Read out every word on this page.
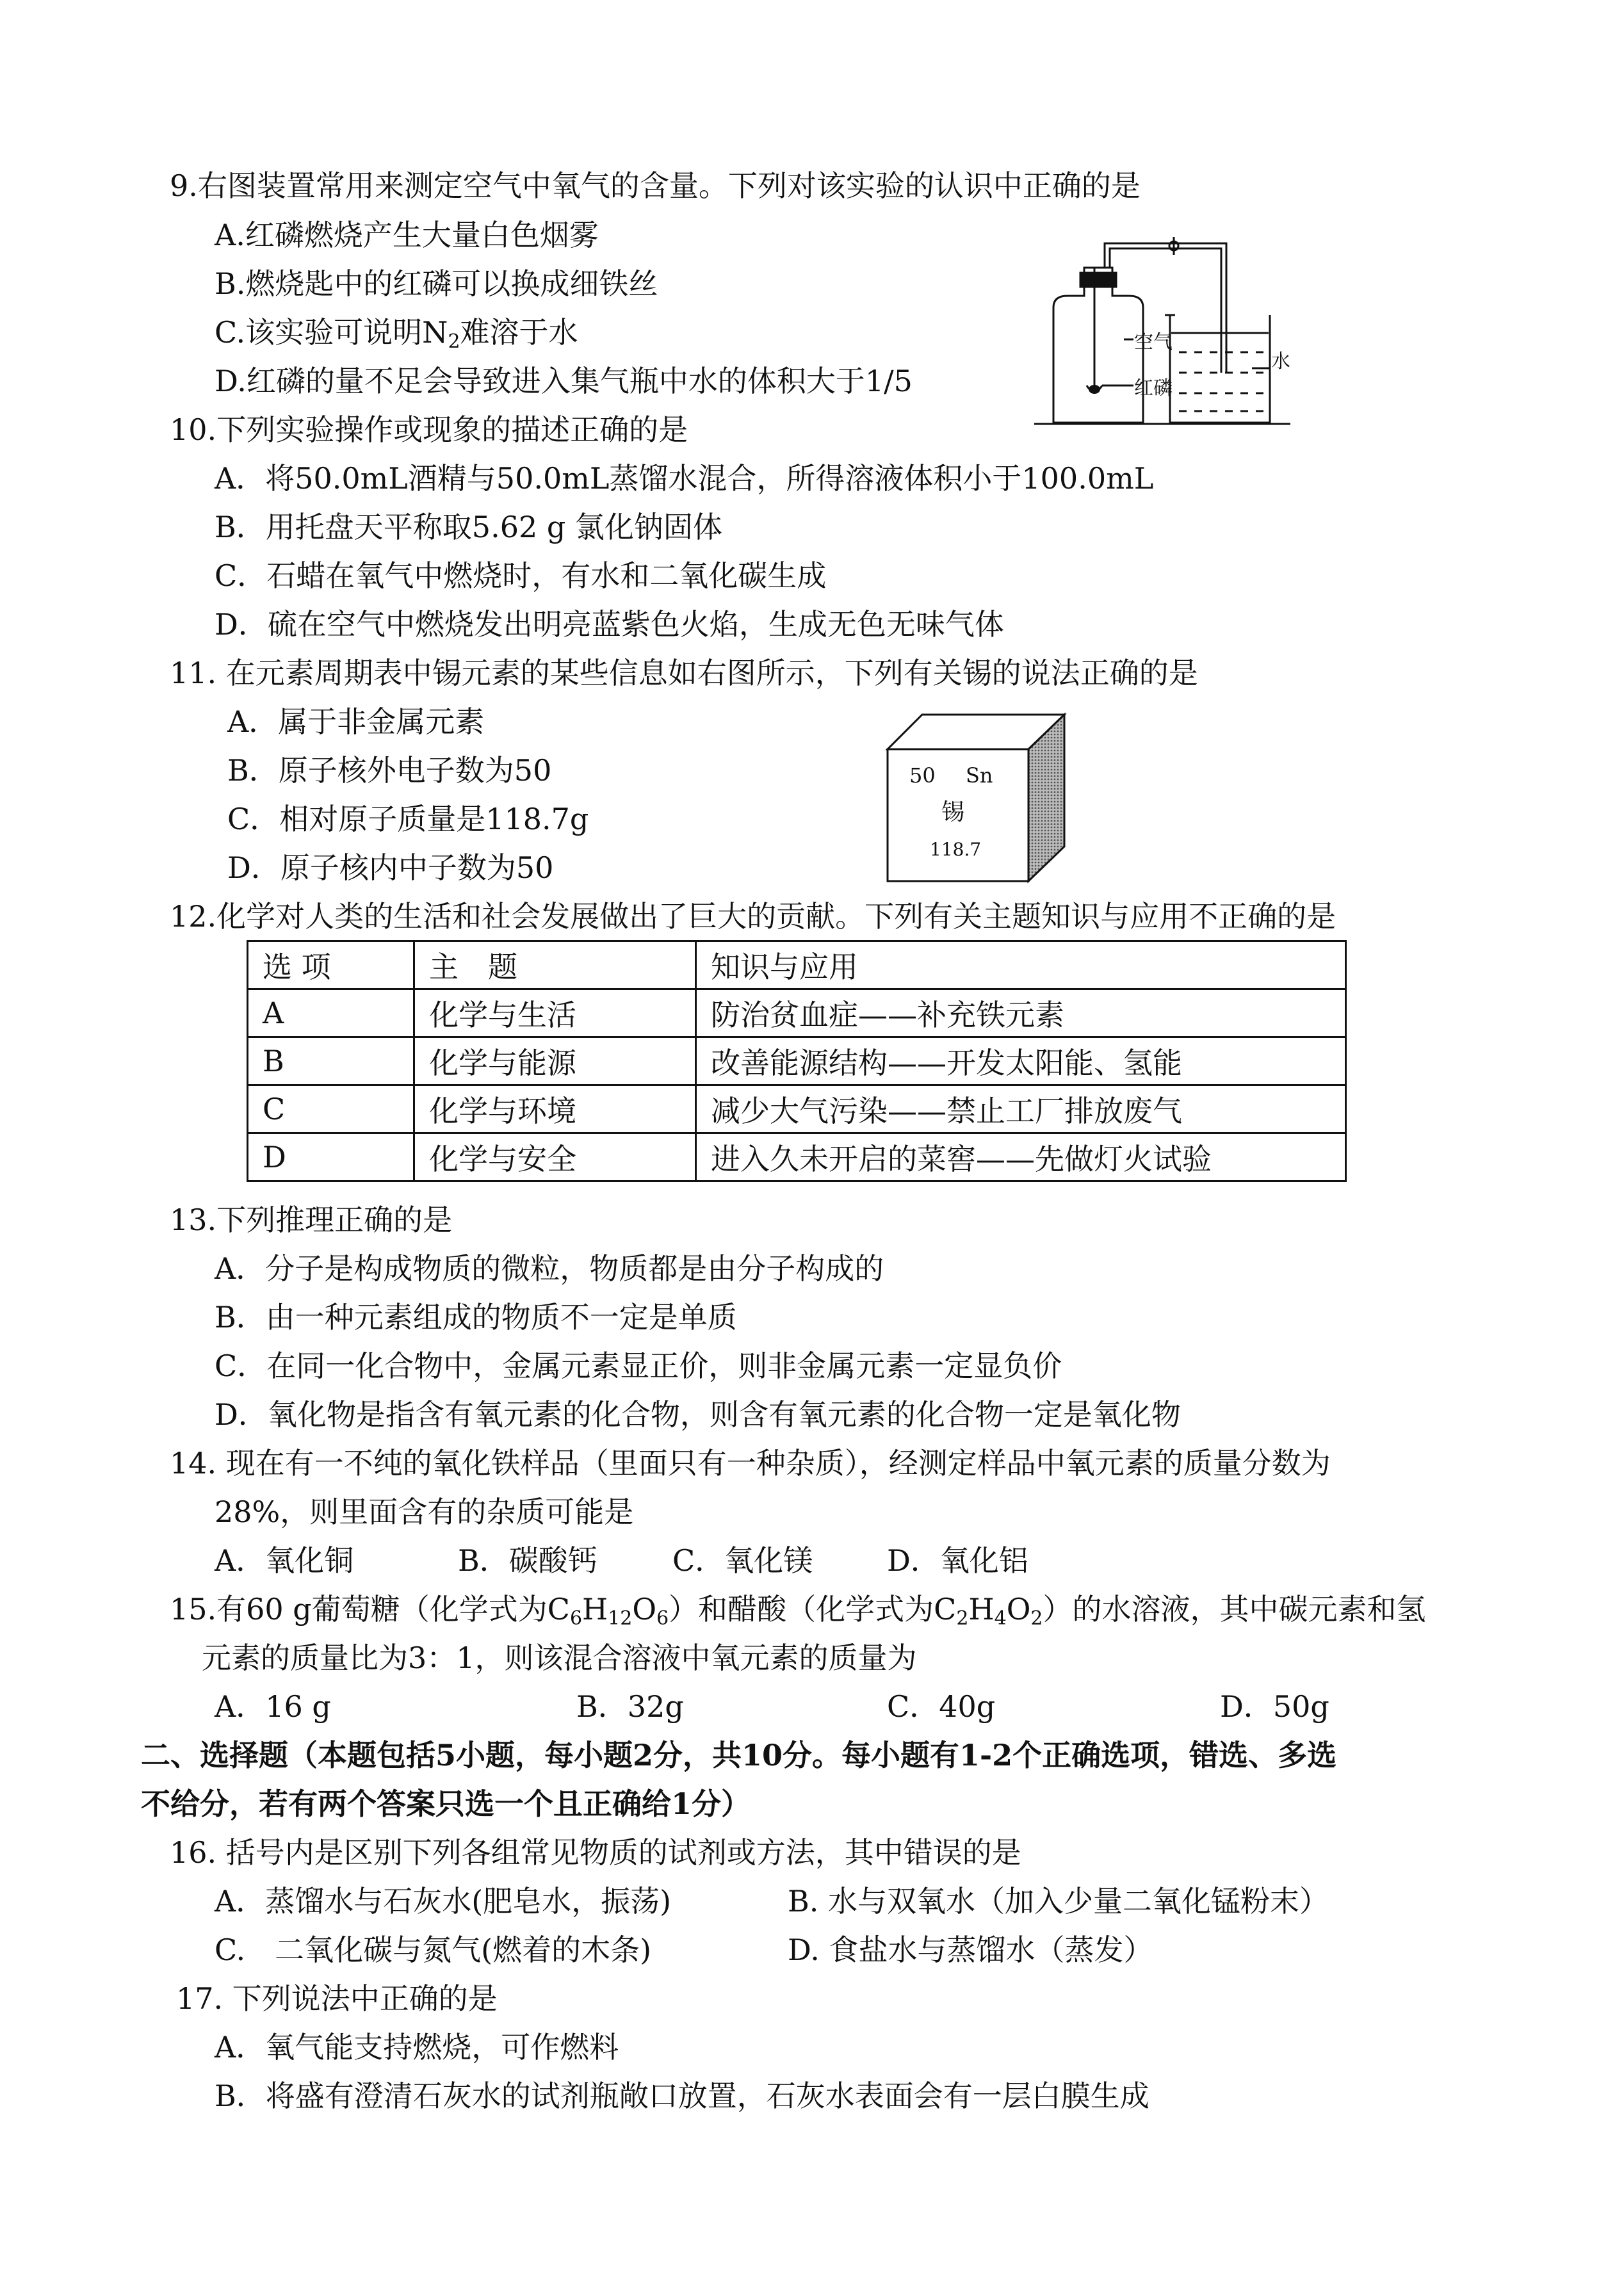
9.右图装置常用来测定空气中氧气的含量。下列对该实验的认识中正确的是
A.红磷燃烧产生大量白色烟雾
B.燃烧匙中的红磷可以换成细铁丝
C.该实验可说明$N_2$难溶于水
D.红磷的量不足会导致进入集气瓶中水的体积大于1/5
空气
红磷
水
10.下列实验操作或现象的描述正确的是
A．将50.0mL酒精与50.0mL蒸馏水混合，所得溶液体积小于100.0mL
B．用托盘天平称取5.62 g 氯化钠固体
C．石蜡在氧气中燃烧时，有水和二氧化碳生成
D．硫在空气中燃烧发出明亮蓝紫色火焰，生成无色无味气体
11. 在元素周期表中锡元素的某些信息如右图所示，下列有关锡的说法正确的是
A．属于非金属元素
B．原子核外电子数为50
C．相对原子质量是118.7g
D．原子核内中子数为50
50 Sn
锡
118.7
12.化学对人类的生活和社会发展做出了巨大的贡献。下列有关主题知识与应用不正确的是
选 项	主　题	知识与应用
A	化学与生活	防治贫血症——补充铁元素
B	化学与能源	改善能源结构——开发太阳能、氢能
C	化学与环境	减少大气污染——禁止工厂排放废气
D	化学与安全	进入久未开启的菜窖——先做灯火试验
13.下列推理正确的是
A．分子是构成物质的微粒，物质都是由分子构成的
B．由一种元素组成的物质不一定是单质
C．在同一化合物中，金属元素显正价，则非金属元素一定显负价
D．氧化物是指含有氧元素的化合物，则含有氧元素的化合物一定是氧化物
14. 现在有一不纯的氧化铁样品（里面只有一种杂质），经测定样品中氧元素的质量分数为
28%，则里面含有的杂质可能是
A．氧化铜	B．碳酸钙	C．氧化镁	D．氧化铝
15.有60 g葡萄糖（化学式为$C_6H_{12}O_6$）和醋酸（化学式为$C_2H_4O_2$）的水溶液，其中碳元素和氢
元素的质量比为3：1，则该混合溶液中氧元素的质量为
A．16 g	B．32g	C．40g	D．50g
二、选择题（本题包括5小题，每小题2分，共10分。每小题有1-2个正确选项，错选、多选
不给分，若有两个答案只选一个且正确给1分）
16. 括号内是区别下列各组常见物质的试剂或方法，其中错误的是
A．蒸馏水与石灰水(肥皂水，振荡)	B. 水与双氧水（加入少量二氧化锰粉末）
C.　二氧化碳与氮气(燃着的木条)	D. 食盐水与蒸馏水（蒸发）
17. 下列说法中正确的是
A．氧气能支持燃烧，可作燃料
B．将盛有澄清石灰水的试剂瓶敞口放置，石灰水表面会有一层白膜生成
